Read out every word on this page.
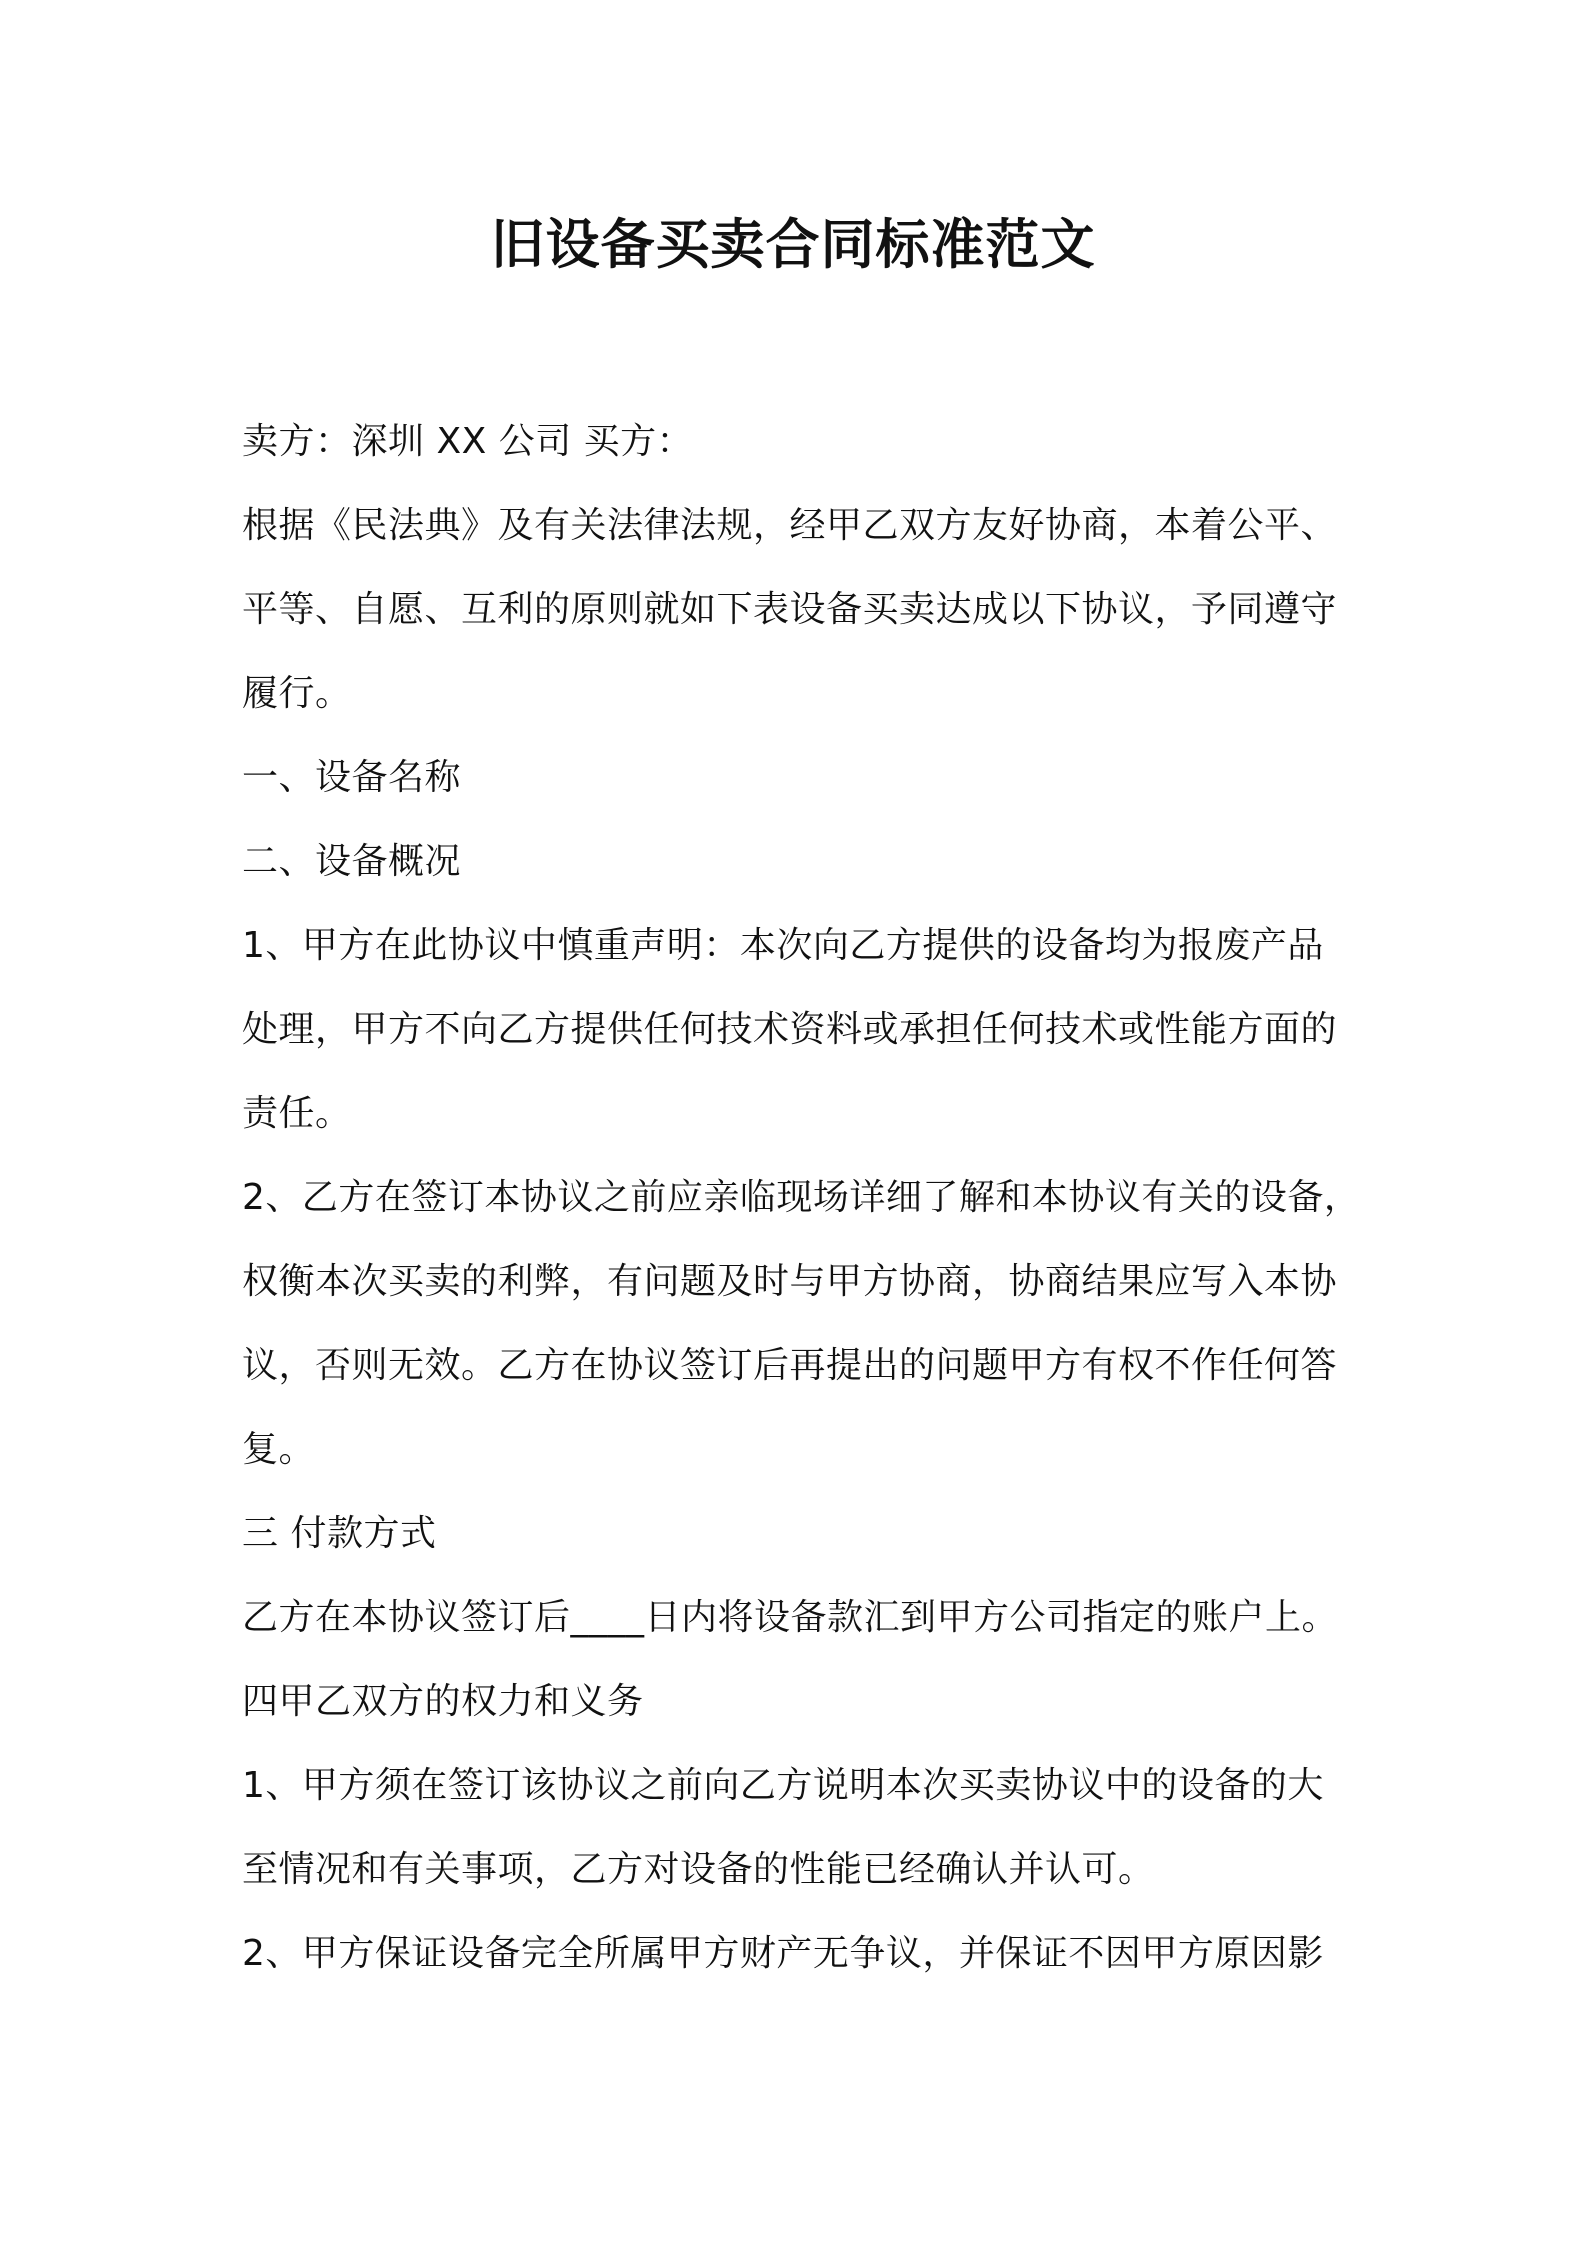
旧设备买卖合同标准范文
卖方：深圳 XX 公司 买方：
根据《民法典》及有关法律法规，经甲乙双方友好协商，本着公平、
平等、自愿、互利的原则就如下表设备买卖达成以下协议，予同遵守
履行。
一、设备名称
二、设备概况
1、甲方在此协议中慎重声明：本次向乙方提供的设备均为报废产品
处理，甲方不向乙方提供任何技术资料或承担任何技术或性能方面的
责任。
2、乙方在签订本协议之前应亲临现场详细了解和本协议有关的设备，
权衡本次买卖的利弊，有问题及时与甲方协商，协商结果应写入本协
议，否则无效。乙方在协议签订后再提出的问题甲方有权不作任何答
复。
三 付款方式
乙方在本协议签订后____日内将设备款汇到甲方公司指定的账户上。
四甲乙双方的权力和义务
1、甲方须在签订该协议之前向乙方说明本次买卖协议中的设备的大
至情况和有关事项，乙方对设备的性能已经确认并认可。
2、甲方保证设备完全所属甲方财产无争议，并保证不因甲方原因影
